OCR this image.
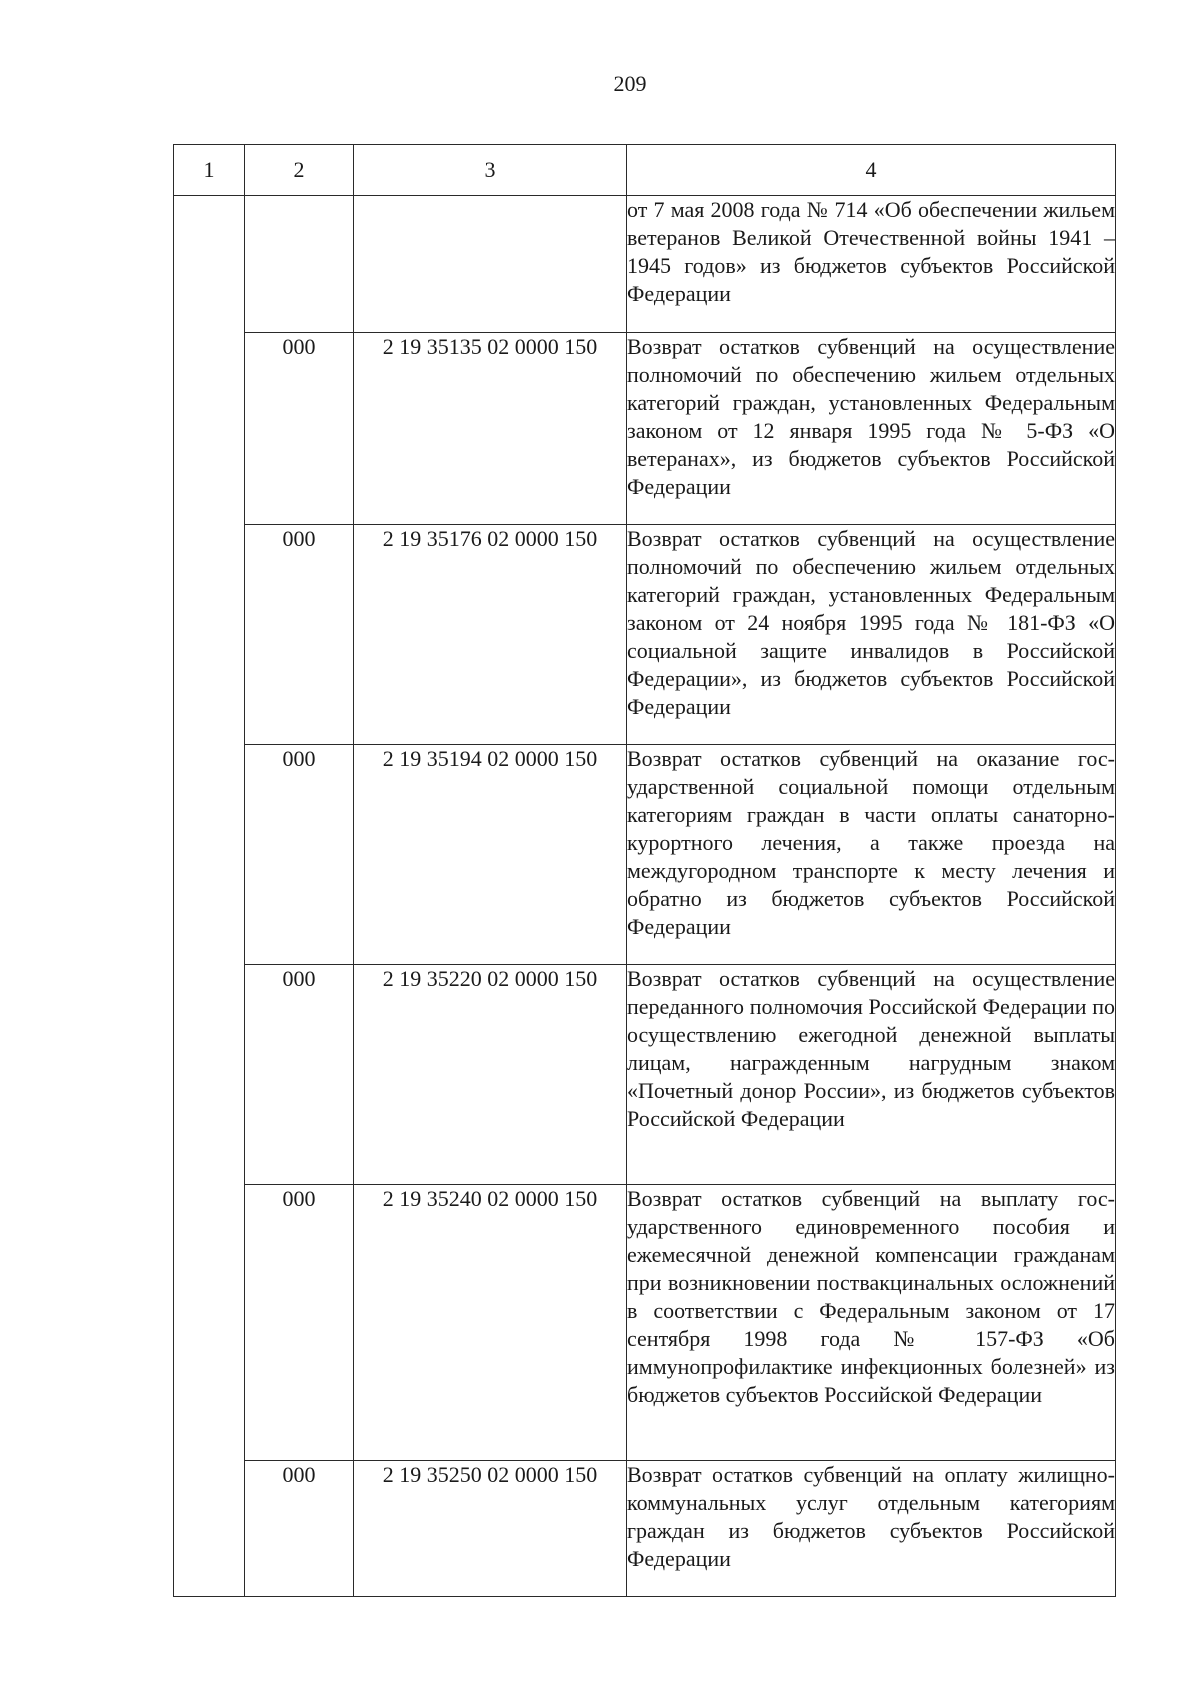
209
1	2	3	4
			от 7 мая 2008 года № 714 «Об обеспечении жильем ветеранов Великой Отечественной войны 1941 – 1945 годов» из бюджетов субъектов Российской Федерации
	000	2 19 35135 02 0000 150	Возврат остатков субвенций на осуществление полномочий по обеспечению жильем отдельных категорий граждан, установленных Федеральным законом от 12 января 1995 года № 5-ФЗ «О ветеранах», из бюджетов субъектов Российской Федерации
	000	2 19 35176 02 0000 150	Возврат остатков субвенций на осуществление полномочий по обеспечению жильем отдельных категорий граждан, установленных Федеральным законом от 24 ноября 1995 года № 181-ФЗ «О социальной защите инвалидов в Российской Федерации», из бюджетов субъектов Российской Федерации
	000	2 19 35194 02 0000 150	Возврат остатков субвенций на оказание государственной социальной помощи отдельным категориям граждан в части оплаты санаторно-курортного лечения, а также проезда на междугородном транспорте к месту лечения и обратно из бюджетов субъектов Российской Федерации
	000	2 19 35220 02 0000 150	Возврат остатков субвенций на осуществление переданного полномочия Российской Федерации по осуществлению ежегодной денежной выплаты лицам, награжденным нагрудным знаком «Почетный донор России», из бюджетов субъектов Российской Федерации
	000	2 19 35240 02 0000 150	Возврат остатков субвенций на выплату государственного единовременного пособия и ежемесячной денежной компенсации гражданам при возникновении поствакцинальных осложнений в соответствии с Федеральным законом от 17 сентября 1998 года № 157-ФЗ «Об иммунопрофилактике инфекционных болезней» из бюджетов субъектов Российской Федерации
	000	2 19 35250 02 0000 150	Возврат остатков субвенций на оплату жилищно-коммунальных услуг отдельным категориям граждан из бюджетов субъектов Российской Федерации
